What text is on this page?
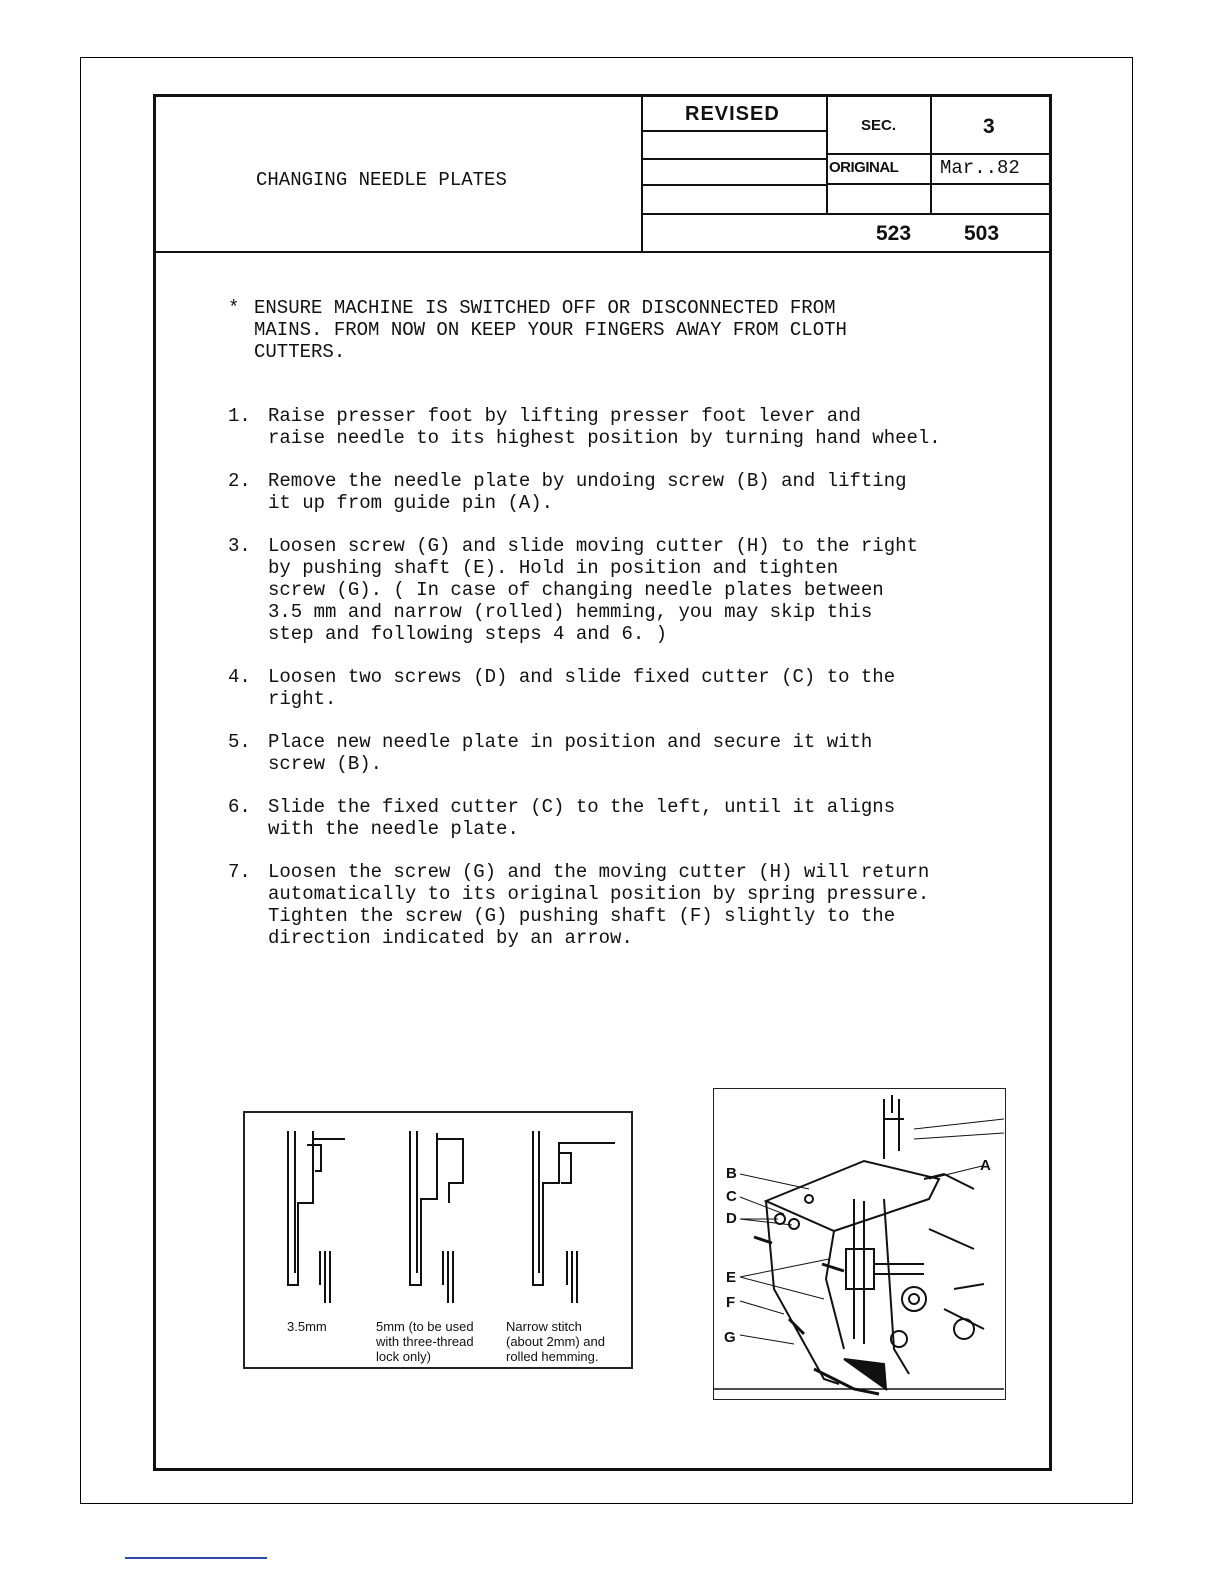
CHANGING NEEDLE PLATES
REVISED
SEC.	3
ORIGINAL Mar..82
523	503
* ENSURE MACHINE IS SWITCHED OFF OR DISCONNECTED FROM
MAINS. FROM NOW ON KEEP YOUR FINGERS AWAY FROM CLOTH
CUTTERS.
1. Raise presser foot by lifting presser foot lever and
raise needle to its highest position by turning hand wheel.
2. Remove the needle plate by undoing screw (B) and lifting
it up from guide pin (A).
3. Loosen screw (G) and slide moving cutter (H) to the right
by pushing shaft (E). Hold in position and tighten
screw (G). ( In case of changing needle plates between
3.5 mm and narrow (rolled) hemming, you may skip this
step and following steps 4 and 6. )
4. Loosen two screws (D) and slide fixed cutter (C) to the
right.
5. Place new needle plate in position and secure it with
screw (B).
6. Slide the fixed cutter (C) to the left, until it aligns
with the needle plate.
7. Loosen the screw (G) and the moving cutter (H) will return
automatically to its original position by spring pressure.
Tighten the screw (G) pushing shaft (F) slightly to the
direction indicated by an arrow.
3.5mm	5mm (to be used
with three-thread
lock only)
Narrow stitch
(about 2mm) and
rolled hemming.
B
C
D
E
F
G
A
